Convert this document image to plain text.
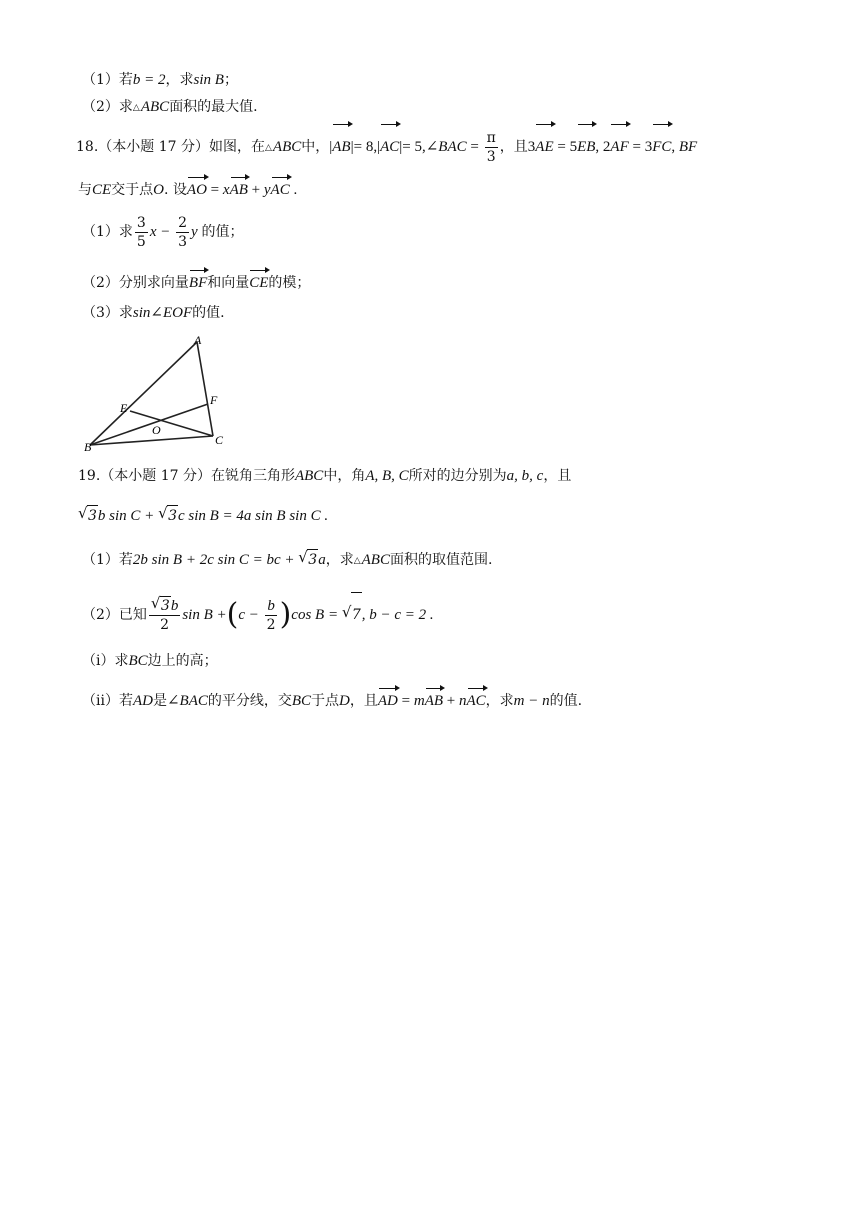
（1）若b = 2，求sin B；
（2）求△ABC面积的最大值.
18.（本小题 17 分）如图，在△ABC中，|AB|= 8,|AC|= 5,∠BAC = $\frac{\pi}{3}$ ，且3AE = 5EB, 2AF = 3FC, BF
与CE交于点O. 设AO = xAB + yAC .
（1）求 $\frac{3}{5}$ $x - \frac{2}{3}$ y 的值；
（2）分别求向量BF和向量CE的模；
（3）求sin∠EOF的值.
A
B	C
E
F
O
19.（本小题 17 分）在锐角三角形ABC中，角A, B, C所对的边分别为a, b, c，且
√ 3b sin C + √ 3c sin B = 4a sin B sin C .
（1）若2b sin B + 2c sin C = bc + √ 3a，求△ABC面积的取值范围.
（2）已知
√ $\frac{3b}{2}$ $\sin B +(c - \frac{b}{2} )\cos$ B = √ 7, b − c = 2 .
（i）求BC边上的高；
（ii）若AD是∠BAC的平分线，交BC于点D，且AD = mAB + nAC，求m − n的值.
